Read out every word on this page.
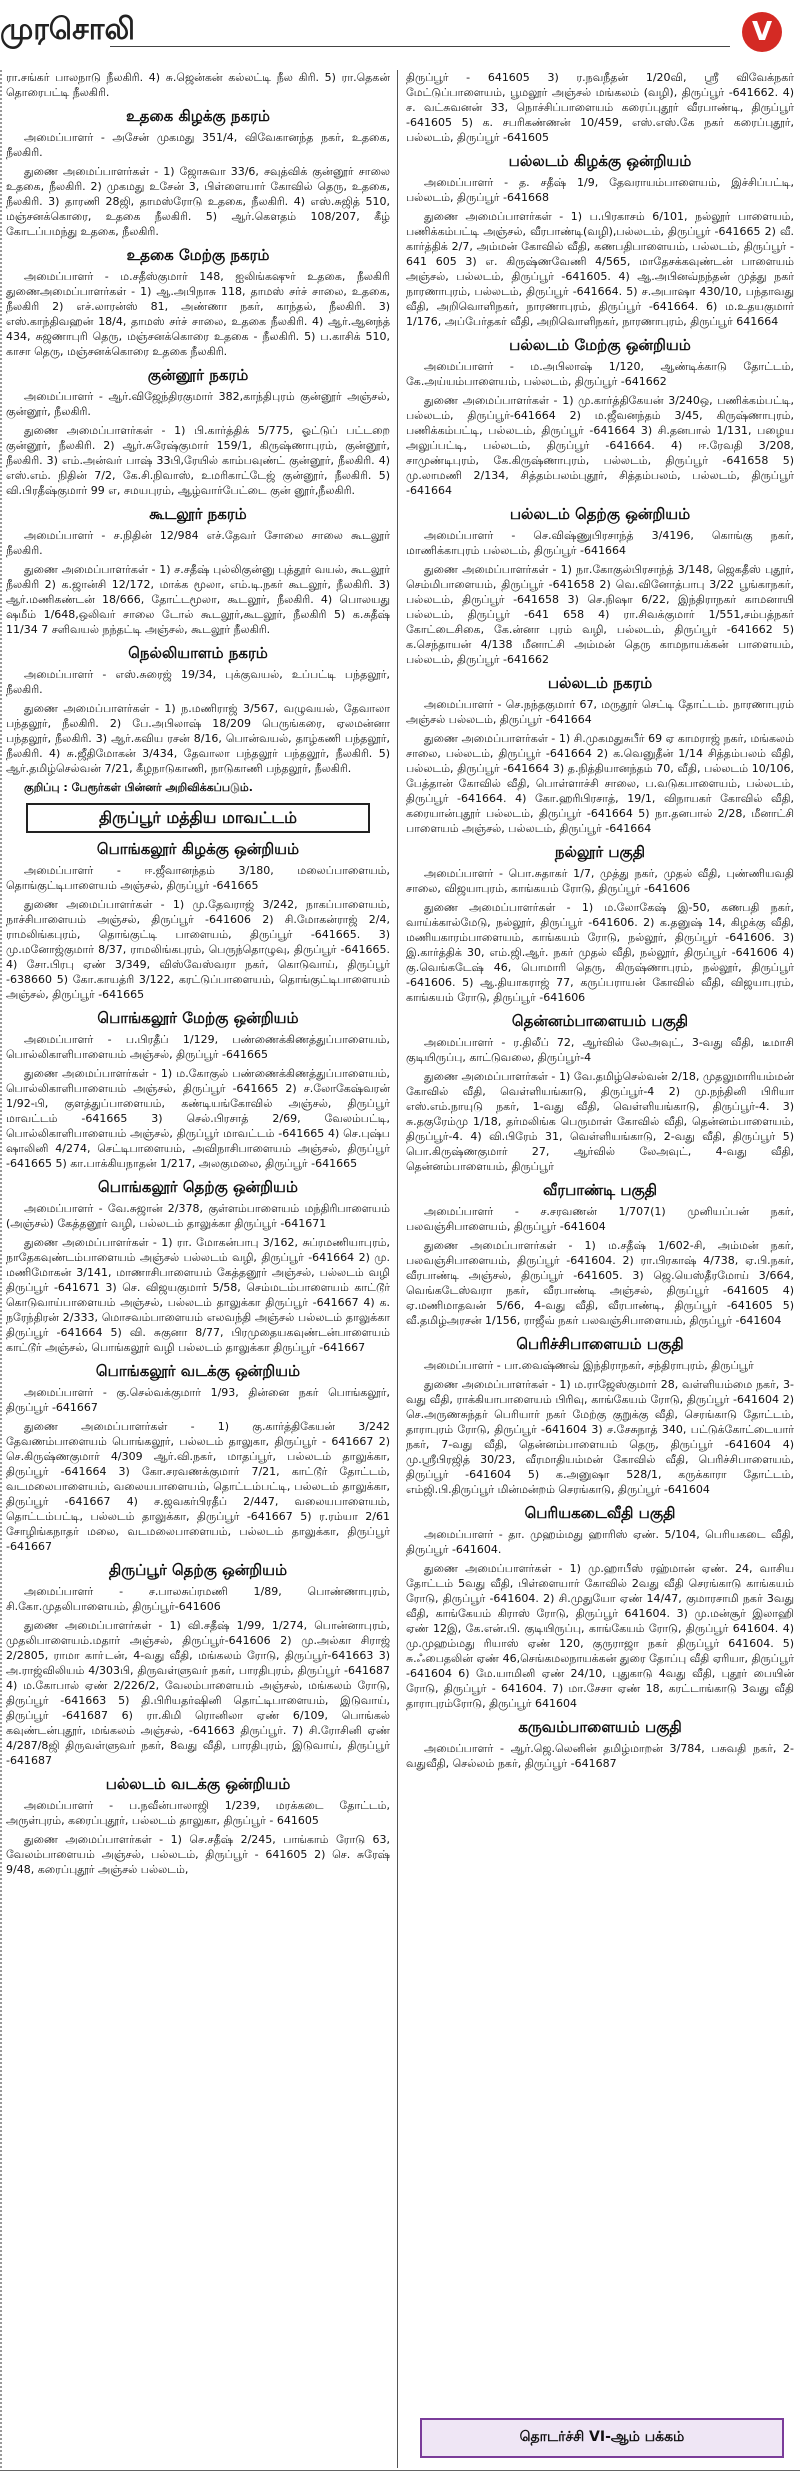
முரசொலி	V

ரா.சங்கர் பாலநாடு நீலகிரி. 4) சு.ஜென்கன் கல்லட்டி நீல கிரி. 5) ரா.தெகன் தொரைபட்டி நீலகிரி.

உதகை கிழக்கு நகரம்

அமைப்பாளர் - அசேன் முகமது 351/4, விவேகானந்த நகர், உதகை, நீலகிரி.

துணை அமைப்பாளர்கள் - 1) ஜோசுவா 33/6, சவுத்விக் குன்னூர் சாலை உதகை, நீலகிரி. 2) முகமது உசேன் 3, பிள்ளையார் கோவில் தெரு, உதகை, நீலகிரி. 3) தாரணி 28ஜி, தாமஸ்ரோடு உதகை, நீலகிரி. 4) எஸ்.சுஜித் 510, மஞ்சனக்கொரை, உதகை நீலகிரி. 5) ஆர்.கௌதம் 108/207, கீழ் கோடப்பமந்து உதகை, நீலகிரி.

உதகை மேற்கு நகரம்

அமைப்பாளர் - ம.சதீஸ்குமார் 148, ஐலிங்கஷுர் உதகை, நீலகிரி துணைஅமைப்பாளர்கள் - 1) ஆ.அபிநாசு 118, தாமஸ் சர்ச் சாலை, உதகை, நீலகிரி 2) எச்.லாரன்ஸ் 81, அண்ணா நகர், காந்தல், நீலகிரி. 3) எஸ்.காந்திவஹன் 18/4, தாமஸ் சர்ச் சாலை, உதகை நீலகிரி. 4) ஆர்.ஆனந்த் 434, சுஜணாபுரி தெரு, மஞ்சனக்கொரை உதகை - நீலகிரி. 5) ப.காசிக் 510, காசா தெரு, மஞ்சனக்கொரை உதகை நீலகிரி.

குன்னூர் நகரம்

அமைப்பாளர் - ஆர்.விஜேந்திரகுமார் 382,காந்திபுரம் குன்னூர் அஞ்சல், குன்னூர், நீலகிரி.

துணை அமைப்பாளர்கள் - 1) பி.கார்த்திக் 5/775, ஓட்டுப் பட்டறை குன்னூர், நீலகிரி. 2) ஆர்.சுரேஷ்குமார் 159/1, கிருஷ்ணாபுரம், குன்னூர், நீலகிரி. 3) எம்.அன்வர் பாஷ் 33பி,ரேயில் காம்பவுண்ட் குன்னூர், நீலகிரி. 4) எஸ்.எம். நிதின் 7/2, கே.சி.நிவாஸ், உமரிகாட்டேஜ் குன்னூர், நீலகிரி. 5) வி.பிரதீஷ்குமார் 99 எ, சமயபுரம், ஆழ்வார்பேட்டை குன் னூர்,நீலகிரி.

கூடலூர் நகரம்

அமைப்பாளர் - ச.நிதின் 12/984 எச்.தேவர் சோலை சாலை கூடலூர் நீலகிரி.

துணை அமைப்பாளர்கள் - 1) ச.சதீஷ் புல்லிகுன்னு புத்தூர் வயல், கூடலூர் நீலகிரி 2) க.ஜான்சி 12/172, மாக்க மூலா, எம்.டி.நகர் கூடலூர், நீலகிரி. 3) ஆர்.மணிகண்டன் 18/666, தோட்டமூலா, கூடலூர், நீலகிரி. 4) பொலயது ஷமீம் 1/648,ஒலிவர் சாலை டோல் கூடலூர்,கூடலூர், நீலகிரி 5) க.சுதீஷ் 11/34 7 சளிவயல் நந்தட்டி அஞ்சல், கூடலூர் நீலகிரி.

நெல்லியாளம் நகரம்

அமைப்பாளர் - எஸ்.சுரைஜ் 19/34, புக்குவயல், உப்பட்டி பந்தலூர், நீலகிரி.

துணை அமைப்பாளர்கள் - 1) ந.மணிராஜ் 3/567, வழுவயல், தேவாலா பந்தலூர், நீலகிரி. 2) பே.அபிலாஷ் 18/209 பெருங்கரை, ஏலமன்னா பந்தலூர், நீலகிரி. 3) ஆர்.கவிய ரசன் 8/16, பொன்வயல், தாழ்கணி பந்தலூர், நீலகிரி. 4) சு.ஜீதிமோகன் 3/434, தேவாலா பந்தலூர் பந்தலூர், நீலகிரி. 5) ஆர்.தமிழ்செல்வன் 7/21, கீழநாடுகாணி, நாடுகாணி பந்தலூர், நீலகிரி.

குறிப்பு : பேரூர்கள் பின்னர் அறிவிக்கப்படும்.
திருப்பூர் மத்திய மாவட்டம்
பொங்கலூர் கிழக்கு ஒன்றியம்

அமைப்பாளர் - ஈ.ஜீவானந்தம் 3/180, மலைப்பாளையம், தொங்குட்டிபாளையம் அஞ்சல், திருப்பூர் -641665

துணை அமைப்பாளர்கள் - 1) மு.தேவராஜ் 3/242, நாகப்பாளையம், நாச்சிபாளையம் அஞ்சல், திருப்பூர் -641606 2) சி.மோகன்ராஜ் 2/4, ராமலிங்கபுரம், தொங்குட்டி பாளையம், திருப்பூர் -641665. 3) மு.மனோஜ்குமார் 8/37, ராமலிங்கபுரம், பெருந்தொழுவு, திருப்பூர் -641665. 4) சோ.பிரபு ஏண் 3/349, விஸ்வேஸ்வரா நகர், கொடுவாய், திருப்பூர் -638660 5) கோ.காயத்ரி 3/122, கரட்டுப்பாளையம், தொங்குட்டிபாளையம் அஞ்சல், திருப்பூர் -641665

பொங்கலூர் மேற்கு ஒன்றியம்

அமைப்பாளர் - ப.பிரதீப் 1/129, பண்ணைக்கிணத்துப்பாளையம், பொல்லிகாளிபாளையம் அஞ்சல், திருப்பூர் -641665

துணை அமைப்பாளர்கள் - 1) ம.கோகுல் பண்ணைக்கிணத்துப்பாளையம், பொல்லிகாளிபாளையம் அஞ்சல், திருப்பூர் -641665 2) ச.லோகேஷ்வரன் 1/92-பி, குளத்துப்பாளையம், கண்டியங்கோவில் அஞ்சல், திருப்பூர் மாவட்டம் -641665 3) செல்.பிரசாத் 2/69, வேலம்பட்டி, பொல்லிகாளிபாளையம் அஞ்சல், திருப்பூர் மாவட்டம் -641665 4) செ.புஷ்ப ஷாலினி 4/274, செட்டிபாளையம், அவிநாசிபாளையம் அஞ்சல், திருப்பூர் -641665 5) கா.பாக்கியநாதன் 1/217, அலகுமலை, திருப்பூர் -641665

பொங்கலூர் தெற்கு ஒன்றியம்

அமைப்பாளர் - வே.சுஜான் 2/378, குள்ளம்பாளையம் மந்திரிபாளையம் (அஞ்சல்) கேத்தனூர் வழி, பல்லடம் தாலுக்கா திருப்பூர் -641671

துணை அமைப்பாளர்கள் - 1) ரா. மோகன்பாபு 3/162, சுப்ரமணியாபுரம், நாதேகவுண்டம்பாளையம் அஞ்சல் பல்லடம் வழி, திருப்பூர் -641664 2) மு. மணிமோகன் 3/141, மாணாசிபாளையம் கேத்தனூர் அஞ்சல், பல்லடம் வழி திருப்பூர் -641671 3) செ. விஜயகுமார் 5/58, செம்மடம்பாளையம் காட்டூர் கொடுவாய்பாளையம் அஞ்சல், பல்லடம் தாலுக்கா திருப்பூர் -641667 4) க. நரேந்திரன் 2/333, மொசவம்பாளையம் எலவந்தி அஞ்சல் பல்லடம் தாலுக்கா திருப்பூர் -641664 5) வி. சுகுனா 8/77, பிரமுதையகவுண்டன்பாளையம் காட்டூர் அஞ்சல், பொங்கலூர் வழி பல்லடம் தாலுக்கா திருப்பூர் -641667

பொங்கலூர் வடக்கு ஒன்றியம்

அமைப்பாளர் - கு.செல்வக்குமார் 1/93, தின்னை நகர் பொங்கலூர், திருப்பூர் -641667

துணை அமைப்பாளர்கள் - 1) கு.கார்த்திகேயன் 3/242 தேவணம்பாளையம் பொங்கலூர், பல்லடம் தாலுகா, திருப்பூர் - 641667 2) செ.கிருஷ்ணகுமார் 4/309 ஆர்.வி.நகர், மாதப்பூர், பல்லடம் தாலுக்கா, திருப்பூர் -641664 3) கோ.சரவணக்குமார் 7/21, காட்டூர் தோட்டம், வடமலைபாளையம், வலையபாளையம், தொட்டம்பட்டி, பல்லடம் தாலுக்கா, திருப்பூர் -641667 4) ச.ஜவகர்பிரதீப் 2/447, வலையபாளையம், தொட்டம்பட்டி, பல்லடம் தாலுக்கா, திருப்பூர் -641667 5) ர.ரம்யா 2/61 சோழிங்கநாதர் மலை, வடமலைபாளையம், பல்லடம் தாலுக்கா, திருப்பூர் -641667

திருப்பூர் தெற்கு ஒன்றியம்

அமைப்பாளர் - ச.பாலசுப்ரமணி 1/89, பொண்ணாபுரம், சி.கோ.முதலிபாளையம், திருப்பூர்-641606

துணை அமைப்பாளர்கள் - 1) வி.சதீஷ் 1/99, 1/274, பொன்னாபுரம், முதலிபாளையம்.மதார் அஞ்சல், திருப்பூர்-641606 2) மு.அல்கா சிராஜ் 2/2805, ராமா காா்டன், 4-வது வீதி, மங்கலம் ரோடு, திருப்பூர்-641663 3) அ.ராஜ்விலியம் 4/303பி, திருவள்ளுவர் நகர், பாரதிபுரம், திருப்பூர் -641687 4) ம.கோபால் ஏண் 2/226/2, வேலம்பாளையம் அஞ்சல், மங்கலம் ரோடு, திருப்பூர் -641663 5) தி.பிரியதர்ஷினி தொட்டிபாளையம், இடுவாய், திருப்பூர் -641687 6) ரா.கிமி ரொனிலா ஏண் 6/109, பொங்கல் கவுண்டன்புதூர், மங்கலம் அஞ்சல், -641663 திருப்பூர். 7) சி.ரோசினி ஏண் 4/287/8ஜி திருவள்ளுவர் நகர், 8வது வீதி, பாரதிபுரம், இடுவாய், திருப்பூர் -641687

பல்லடம் வடக்கு ஒன்றியம்

அமைப்பாளர் - ப.நவீன்பாலாஜி 1/239, மரக்கடை தோட்டம், அருள்புரம், கரைப்புதூர், பல்லடம் தாலுகா, திருப்பூர் - 641605

துணை அமைப்பாளர்கள் - 1) செ.சதீஷ் 2/245, பாங்காம் ரோடு 63, வேலம்பாளையம் அஞ்சல், பல்லடம், திருப்பூர் - 641605 2) செ. சுரேஷ் 9/48, கரைப்புதூர் அஞ்சல் பல்லடம்,

திருப்பூர் - 641605 3) ர.நவநீதன் 1/20வி, ஸ்ரீ விவேக்நகர் மேட்டுப்பாளையம், பூமலூர் அஞ்சல் மங்கலம் (வழி), திருப்பூர் -641662. 4) ச. வட்சுவனன் 33, நொச்சிப்பாளையம் கரைப்புதூர் வீரபாண்டி, திருப்பூர் -641605 5) க. சபரிகண்ணன் 10/459, எஸ்.எஸ்.கே நகர் கரைப்புதூர், பல்லடம், திருப்பூர் -641605

பல்லடம் கிழக்கு ஒன்றியம்

அமைப்பாளர் - த. சதீஷ் 1/9, தேவராயம்பாளையம், இச்சிப்பட்டி, பல்லடம், திருப்பூர் -641668

துணை அமைப்பாளர்கள் - 1) ப.பிரகாசம் 6/101, நல்லூர் பாளையம், பணிக்கம்பட்டி அஞ்சல், வீரபாண்டி(வழி),பல்லடம், திருப்பூர் -641665 2) வீ. கார்த்திக் 2/7, அம்மன் கோவில் வீதி, கணபதிபாளையம், பல்லடம், திருப்பூர் - 641 605 3) எ. கிருஷ்ணவேணி 4/565, மாதேசக்கவுண்டன் பாளையம் அஞ்சல், பல்லடம், திருப்பூர் -641605. 4) ஆ.அபினவ்நந்தன் முத்து நகர் நாரணாபுரம், பல்லடம், திருப்பூர் -641664. 5) ச.அபாஷா 430/10, பந்தாவது வீதி, அறிவொளிநகர், நாரணாபுரம், திருப்பூர் -641664. 6) ம.உதயகுமார் 1/176, அப்பேர்தகர் வீதி, அறிவொளிநகர், நாரணாபுரம், திருப்பூர் 641664

பல்லடம் மேற்கு ஒன்றியம்

அமைப்பாளர் - ம.அபிலாஷ் 1/120, ஆண்டிக்காடு தோட்டம், கே.அய்யம்பாளையம், பல்லடம், திருப்பூர் -641662

துணை அமைப்பாளர்கள் - 1) மு.கார்த்திகேயன் 3/240ஒ, பணிக்கம்பட்டி, பல்லடம், திருப்பூர்-641664 2) ம.ஜீவனந்தம் 3/45, கிருஷ்ணாபுரம், பணிக்கம்பட்டி, பல்லடம், திருப்பூர் -641664 3) சி.தனபால் 1/131, பழைய அலுப்பட்டி, பல்லடம், திருப்பூர் -641664. 4) ஈ.ரேவதி 3/208, சாமுண்டிபுரம், கே.கிருஷ்ணாபுரம், பல்லடம், திருப்பூர் -641658 5) மு.லாமணி 2/134, சித்தம்பலம்புதூர், சித்தம்பலம், பல்லடம், திருப்பூர் -641664

பல்லடம் தெற்கு ஒன்றியம்

அமைப்பாளர் - செ.விஷ்ணுபிரசாந்த் 3/4196, கொங்கு நகர், மாணிக்காபுரம் பல்லடம், திருப்பூர் -641664

துணை அமைப்பாளர்கள் - 1) நா.கோகுல்பிரசாந்த் 3/148, ஜெகதீஸ் புதூர், செம்மிபாளையம், திருப்பூர் -641658 2) வெ.வினோத்பாபு 3/22 பூங்காநகர், பல்லடம், திருப்பூர் -641658 3) செ.நிஷா 6/22, இந்திராநகர் காமனாயி பல்லடம், திருப்பூர் -641 658 4) ரா.சிவக்குமார் 1/551,சம்பத்நகர் கோட்டைசிகை, கே.ன்னா புரம் வழி, பல்லடம், திருப்பூர் -641662 5) க.செந்தாயன் 4/138 மீனாட்சி அம்மன் தெரு காமநாயக்கன் பாளையம், பல்லடம், திருப்பூர் -641662

பல்லடம் நகரம்

அமைப்பாளர் - செ.நந்தகுமார் 67, மருதூர் செட்டி தோட்டம். நாரணாபுரம் அஞ்சல் பல்லடம், திருப்பூர் -641664

துணை அமைப்பாளர்கள் - 1) சி.முகமதுசுபீர் 69 ஏ காமராஜ் நகர், மங்கலம் சாலை, பல்லடம், திருப்பூர் -641664 2) க.வெனுதீன் 1/14 சித்தம்பலம் வீதி, பல்லடம், திருப்பூர் -641664 3) த.நித்தியானந்தம் 70, வீதி, பல்லடம் 10/106, பேத்தான் கோவில் வீதி, பொள்ளாச்சி சாலை, ப.வடுகபாளையம், பல்லடம், திருப்பூர் -641664. 4) கோ.ஹரிபிரசாத், 19/1, விநாயகர் கோவில் வீதி, கரையான்புதூர் பல்லடம், திருப்பூர் -641664 5) நா.தனபால் 2/28, மீனாட்சி பாளையம் அஞ்சல், பல்லடம், திருப்பூர் -641664

நல்லூர் பகுதி

அமைப்பாளர் - பொ.சுதாகர் 1/7, முத்து நகர், முதல் வீதி, புண்ணியவதி சாலை, விஜயாபுரம், காங்கயம் ரோடு, திருப்பூர் -641606

துணை அமைப்பாளர்கள் - 1) ம.லோகேஷ் இ-50, கணபதி நகர், வாய்க்கால்மேடு, நல்லூர், திருப்பூர் -641606. 2) க.தனுஷ் 14, கிழக்கு வீதி, மணியகாரம்பாளையம், காங்கயம் ரோடு, நல்லூர், திருப்பூர் -641606. 3) இ.கார்த்திக் 30, எம்.ஜி.ஆர். நகர் முதல் வீதி, நல்லூர், திருப்பூர் -641606 4) கு.வெங்கடேஷ் 46, பொமாரி தெரு, கிருஷ்ணாபுரம், நல்லூர், திருப்பூர் -641606. 5) ஆ.தியாகராஜ் 77, கருப்பராயன் கோவில் வீதி, விஜயாபுரம், காங்கயம் ரோடு, திருப்பூர் -641606

தென்னம்பாளையம் பகுதி

அமைப்பாளர் - ர.திலீப் 72, ஆர்வில் லேஅவுட், 3-வது வீதி, டீமாசி குடியிருப்பு, காட்டுவலை, திருப்பூர்-4

துணை அமைப்பாளர்கள் - 1) வே.தமிழ்செல்வன் 2/18, முதலுமாரியம்மன் கோவில் வீதி, வெள்ளியங்காடு, திருப்பூர்-4 2) மு.நந்தினி பிரியா எஸ்.எம்.நாயுடு நகர், 1-வது வீதி, வெள்ளியங்காடு, திருப்பூர்-4. 3) சு.தகுரேம்மு 1/18, தர்மலிங்க பெருமாள் கோவில் வீதி, தென்னம்பாளையம், திருப்பூர்-4. 4) வி.பிரேம் 31, வெள்ளியங்காடு, 2-வது வீதி, திருப்பூர் 5) பொ.கிருஷ்ணகுமார் 27, ஆர்வில் லேஅவுட், 4-வது வீதி, தென்னம்பாளையம், திருப்பூர்

வீரபாண்டி பகுதி

அமைப்பாளர் - ச.சரவணன் 1/707(1) முனியப்பன் நகர், பலவஞ்சிபாளையம், திருப்பூர் -641604

துணை அமைப்பாளர்கள் - 1) ம.சதீஷ் 1/602-சி, அம்மன் நகர், பலவஞ்சிபாளையம், திருப்பூர் -641604. 2) ரா.பிரகாஷ் 4/738, ஏ.பி.நகர், வீரபாண்டி அஞ்சல், திருப்பூர் -641605. 3) ஜெ.யெஸ்தீரமோய் 3/664, வெங்கடேஸ்வரா நகர், வீரபாண்டி அஞ்சல், திருப்பூர் -641605 4) ஏ.மணிமாதவன் 5/66, 4-வது வீதி, வீரபாண்டி, திருப்பூர் -641605 5) வீ.தமிழ்அரசன் 1/156, ராஜீவ் நகர் பலவஞ்சிபாளையம், திருப்பூர் -641604

பெரிச்சிபாளையம் பகுதி

அமைப்பாளர் - பா.வைஷ்ணவ் இந்திராநகர், சந்திராபுரம், திருப்பூர்

துணை அமைப்பாளர்கள் - 1) ம.ராஜேஸ்குமார் 28, வள்ளியம்மை நகர், 3-வது வீதி, ராக்கியாபாளையம் பிரிவு, காங்கேயம் ரோடு, திருப்பூர் -641604 2) செ.அருணசுந்தர் பெரியார் நகர் மேற்கு குறுக்கு வீதி, செரங்காடு தோட்டம், தாராபுரம் ரோடு, திருப்பூர் -641604 3) ச.சேசுநாத் 340, பட்டுக்கோட்டையார் நகர், 7-வது வீதி, தென்னம்பாளையம் தெரு, திருப்பூர் -641604 4) மு.ஸ்ரீபிரஜித் 30/23, வீரமாதியம்மன் கோவில் வீதி, பெரிச்சிபாளையம், திருப்பூர் -641604 5) க.அனுஷா 528/1, கருக்காரா தோட்டம், எம்ஜி.பி.திருப்பூர் மின்மன்றம் செரங்காடு, திருப்பூர் -641604

பெரியகடைவீதி பகுதி

அமைப்பாளர் - தா. முஹம்மது ஹாரிஸ் ஏண். 5/104, பெரியகடை வீதி, திருப்பூர் -641604.

துணை அமைப்பாளர்கள் - 1) மு.ஹாபீஸ் ரஹ்மான் ஏண். 24, வாசிய தோட்டம் 5வது வீதி, பிள்ளையார் கோவில் 2வது வீதி செரங்காடு காங்கயம் ரோடு, திருப்பூர் -641604. 2) சி.முதுயோ ஏண் 14/47, குமாரசாமி நகர் 3வது வீதி, காங்கேயம் கிராஸ் ரோடு, திருப்பூர் 641604. 3) மு.மன்சூர் இலாஹி ஏண் 12இ, கே.என்.பி. குடியிருப்பு, காங்கேயம் ரோடு, திருப்பூர் 641604. 4) மு.முஹம்மது ரியாஸ் ஏண் 120, குருராஜா நகர் திருப்பூர் 641604. 5) சு.ஃபைதலின் ஏண் 46,செங்கமலநாயக்கன் துரை தோப்பு வீதி ஏரியா, திருப்பூர் -641604 6) மே.யாமினி ஏண் 24/10, புதுகாடு 4வது வீதி, புதூர் பையின் ரோடு, திருப்பூர் - 641604. 7) மா.சேசா ஏண் 18, கரட்டாங்காடு 3வது வீதி தாராபுரம்ரோடு, திருப்பூர் 641604

கருவம்பாளையம் பகுதி

அமைப்பாளர் - ஆர்.ஜெ.லெனின் தமிழ்மாறன் 3/784, பசுவதி நகர், 2-வதுவீதி, செல்லம் நகர், திருப்பூர் -641687

தொடர்ச்சி VI-ஆம் பக்கம்
